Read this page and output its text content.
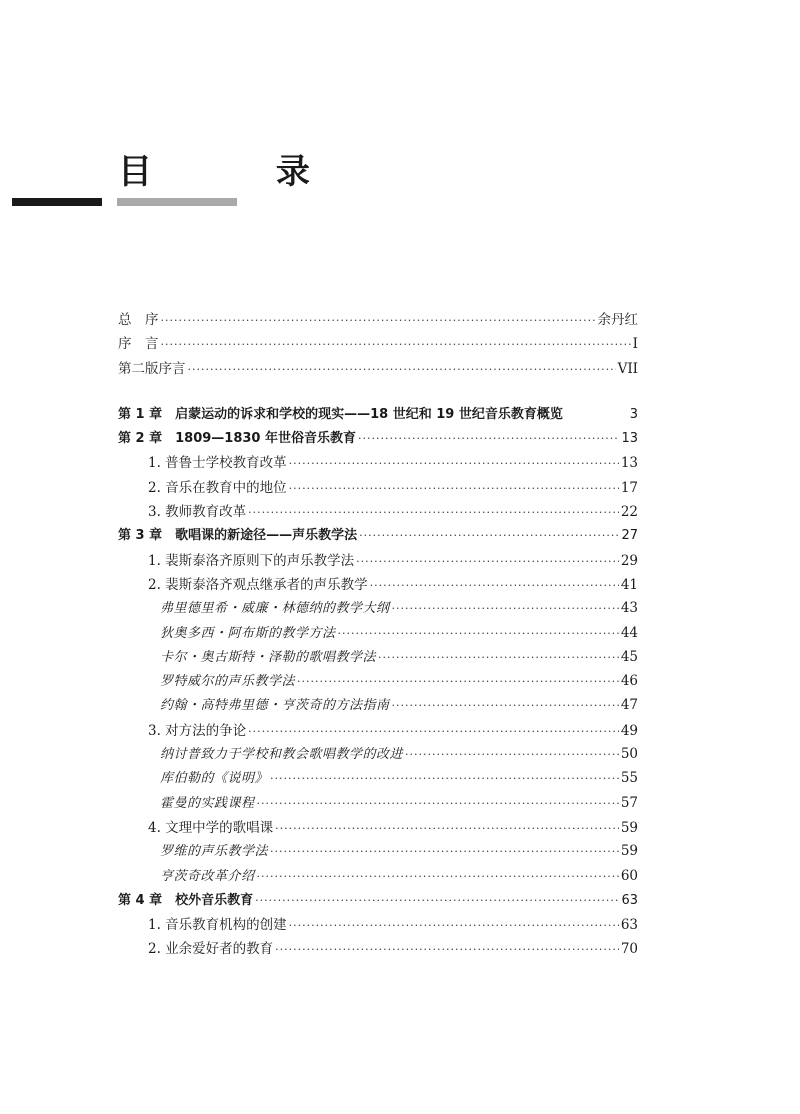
目 录
总　序 ·····	余丹红
序　言 ·····	I
第二版序言 ·····	VII
第 1 章　启蒙运动的诉求和学校的现实——18 世纪和 19 世纪音乐教育概览	3
第 2 章　1809—1830 年世俗音乐教育 ·····	13
1. 普鲁士学校教育改革 ·····	13
2. 音乐在教育中的地位 ·····	17
3. 教师教育改革 ·····	22
第 3 章　歌唱课的新途径——声乐教学法 ·····	27
1. 裴斯泰洛齐原则下的声乐教学法 ·····	29
2. 裴斯泰洛齐观点继承者的声乐教学 ·····	41
弗里德里希・威廉・林德纳的教学大纲 ·····	43
狄奥多西・阿布斯的教学方法 ·····	44
卡尔・奥古斯特・泽勒的歌唱教学法 ·····	45
罗特威尔的声乐教学法 ·····	46
约翰・高特弗里德・亨茨奇的方法指南 ·····	47
3. 对方法的争论 ·····	49
纳讨普致力于学校和教会歌唱教学的改进 ·····	50
库伯勒的《说明》 ·····	55
霍曼的实践课程 ·····	57
4. 文理中学的歌唱课 ·····	59
罗维的声乐教学法 ·····	59
亨茨奇改革介绍 ·····	60
第 4 章　校外音乐教育 ·····	63
1. 音乐教育机构的创建 ·····	63
2. 业余爱好者的教育 ·····	70
